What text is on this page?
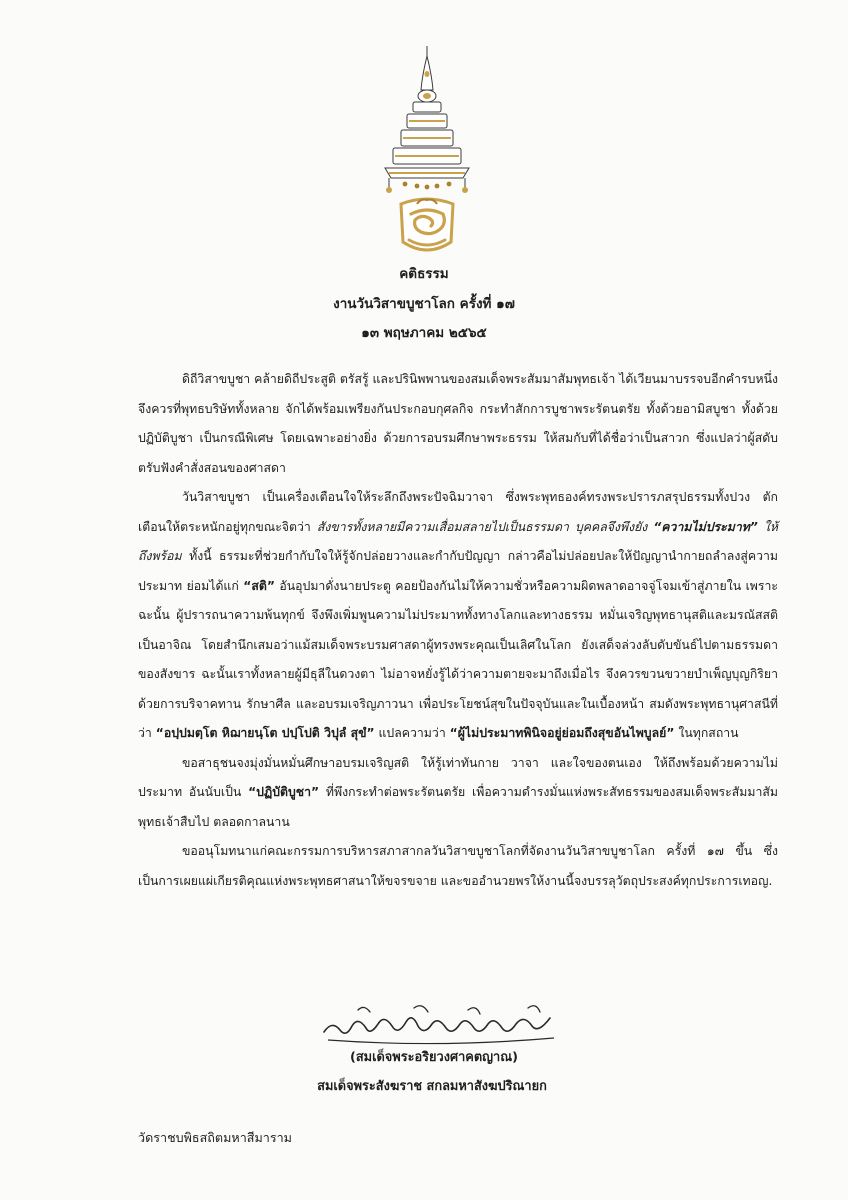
คติธรรม
งานวันวิสาขบูชาโลก ครั้งที่ ๑๗
๑๓ พฤษภาคม ๒๕๖๕

ดิถีวิสาขบูชา คล้ายดิถีประสูติ ตรัสรู้ และปรินิพพานของสมเด็จพระสัมมาสัมพุทธเจ้า ได้เวียนมาบรรจบอีกคำรบหนึ่ง จึงควรที่พุทธบริษัททั้งหลาย จักได้พร้อมเพรียงกันประกอบกุศลกิจ กระทำสักการบูชาพระรัตนตรัย ทั้งด้วยอามิสบูชา ทั้งด้วยปฏิบัติบูชา เป็นกรณีพิเศษ โดยเฉพาะอย่างยิ่ง ด้วยการอบรมศึกษาพระธรรม ให้สมกับที่ได้ชื่อว่าเป็นสาวก ซึ่งแปลว่าผู้สดับตรับฟังคำสั่งสอนของศาสดา

วันวิสาขบูชา เป็นเครื่องเตือนใจให้ระลึกถึงพระปัจฉิมวาจา ซึ่งพระพุทธองค์ทรงพระปรารภสรุปธรรมทั้งปวง ตักเตือนให้ตระหนักอยู่ทุกขณะจิตว่า สังขารทั้งหลายมีความเสื่อมสลายไปเป็นธรรมดา บุคคลจึงพึงยัง “ความไม่ประมาท” ให้ถึงพร้อม ทั้งนี้ ธรรมะที่ช่วยกำกับใจให้รู้จักปล่อยวางและกำกับปัญญา กล่าวคือไม่ปล่อยปละให้ปัญญานำกายถลำลงสู่ความประมาท ย่อมได้แก่ “สติ” อันอุปมาดั่งนายประตู คอยป้องกันไม่ให้ความชั่วหรือความผิดพลาดอาจจู่โจมเข้าสู่ภายใน เพราะฉะนั้น ผู้ปรารถนาความพ้นทุกข์ จึงพึงเพิ่มพูนความไม่ประมาททั้งทางโลกและทางธรรม หมั่นเจริญพุทธานุสติและมรณัสสติเป็นอาจิณ โดยสำนึกเสมอว่าแม้สมเด็จพระบรมศาสดาผู้ทรงพระคุณเป็นเลิศในโลก ยังเสด็จล่วงลับดับขันธ์ไปตามธรรมดาของสังขาร ฉะนั้นเราทั้งหลายผู้มีธุลีในดวงตา ไม่อาจหยั่งรู้ได้ว่าความตายจะมาถึงเมื่อไร จึงควรขวนขวายบำเพ็ญบุญกิริยาด้วยการบริจาคทาน รักษาศีล และอบรมเจริญภาวนา เพื่อประโยชน์สุขในปัจจุบันและในเบื้องหน้า สมดังพระพุทธานุศาสนีที่ว่า “อปฺปมตฺโต หิฌายนฺโต ปปฺโปติ วิปุลํ สุขํ” แปลความว่า “ผู้ไม่ประมาทพินิจอยู่ย่อมถึงสุขอันไพบูลย์” ในทุกสถาน

ขอสาธุชนจงมุ่งมั่นหมั่นศึกษาอบรมเจริญสติ ให้รู้เท่าทันกาย วาจา และใจของตนเอง ให้ถึงพร้อมด้วยความไม่ประมาท อันนับเป็น “ปฏิบัติบูชา” ที่พึงกระทำต่อพระรัตนตรัย เพื่อความดำรงมั่นแห่งพระสัทธรรมของสมเด็จพระสัมมาสัมพุทธเจ้าสืบไป ตลอดกาลนาน

ขออนุโมทนาแก่คณะกรรมการบริหารสภาสากลวันวิสาขบูชาโลกที่จัดงานวันวิสาขบูชาโลก ครั้งที่ ๑๗ ขึ้น ซึ่งเป็นการเผยแผ่เกียรติคุณแห่งพระพุทธศาสนาให้ขจรขจาย และขออำนวยพรให้งานนี้จงบรรลุวัตถุประสงค์ทุกประการเทอญ.

(สมเด็จพระอริยวงศาคตญาณ)
สมเด็จพระสังฆราช สกลมหาสังฆปริณายก
วัดราชบพิธสถิตมหาสีมาราม
